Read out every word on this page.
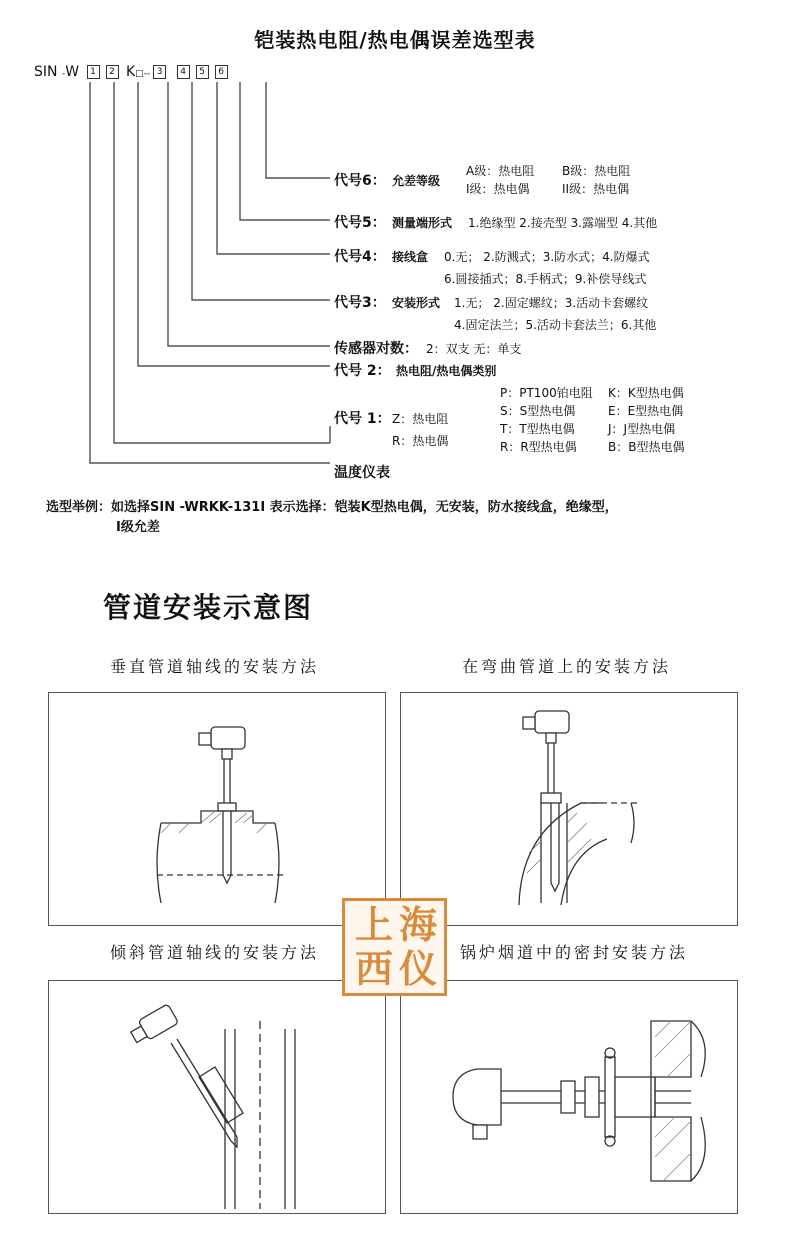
铠装热电阻/热电偶误差选型表
SIN -W 1 2 K□-- 3 4 5 6
代号6： 允差等级
A级：热电阻 B级：热电阻
I级：热电偶	II级：热电偶
代号5： 测量端形式 1.绝缘型 2.接壳型 3.露端型 4.其他
代号4： 接线盒 0.无； 2.防溅式；3.防水式；4.防爆式
6.圆接插式；8.手柄式；9.补偿导线式
代号3： 安装形式 1.无； 2.固定螺纹；3.活动卡套螺纹
4.固定法兰；5.活动卡套法兰；6.其他
传感器对数： 2：双支 无：单支
代号 2： 热电阻/热电偶类别
代号 1： Z：热电阻
R：热电偶
P：PT100铂电阻 K：K型热电偶
S：S型热电偶	E：E型热电偶
T：T型热电偶	J：J型热电偶
R：R型热电偶	B：B型热电偶
温度仪表
选型举例：如选择SIN -WRKK-131I 表示选择：铠装K型热电偶，无安装，防水接线盒，绝缘型，
I级允差
管道安装示意图
垂直管道轴线的安装方法	在弯曲管道上的安装方法
倾斜管道轴线的安装方法	锅炉烟道中的密封安装方法
上 海
西 仪
